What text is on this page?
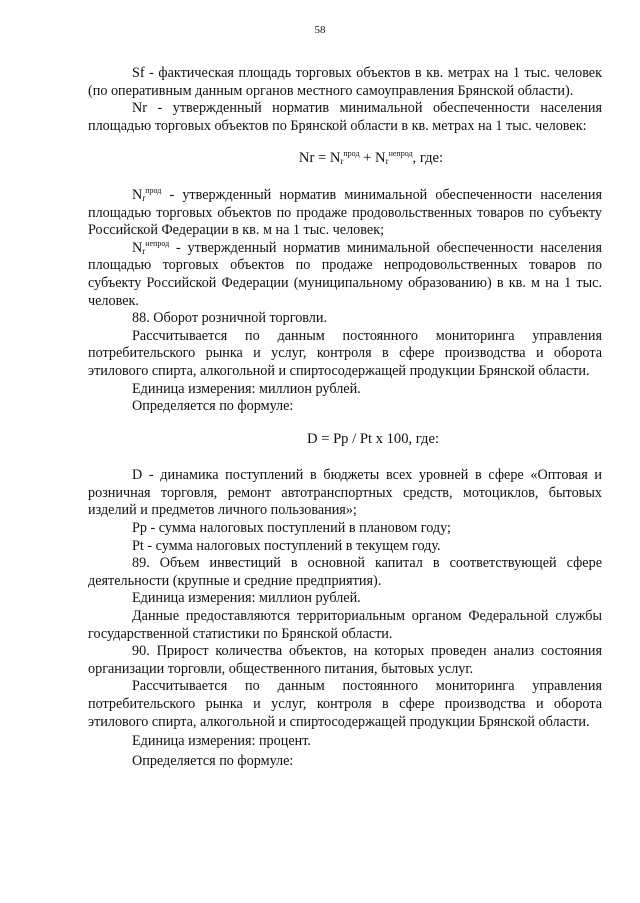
58

Sf - фактическая площадь торговых объектов в кв. метрах на 1 тыс. человек (по оперативным данным органов местного самоуправления Брянской области).

Nr - утвержденный норматив минимальной обеспеченности населения площадью торговых объектов по Брянской области в кв. метрах на 1 тыс. человек:

$Nr = N_r^{прод} + N_r^{непрод}$, где:

$N_r^{прод}$ - утвержденный норматив минимальной обеспеченности населения площадью торговых объектов по продаже продовольственных товаров по субъекту Российской Федерации в кв. м на 1 тыс. человек;

$N_r^{непрод}$ - утвержденный норматив минимальной обеспеченности населения площадью торговых объектов по продаже непродовольственных товаров по субъекту Российской Федерации (муниципальному образованию) в кв. м на 1 тыс. человек.

88. Оборот розничной торговли.

Рассчитывается по данным постоянного мониторинга управления потребительского рынка и услуг, контроля в сфере производства и оборота этилового спирта, алкогольной и спиртосодержащей продукции Брянской области.

Единица измерения: миллион рублей.

Определяется по формуле:

D = Pp / Pt x 100, где:

D - динамика поступлений в бюджеты всех уровней в сфере «Оптовая и розничная торговля, ремонт автотранспортных средств, мотоциклов, бытовых изделий и предметов личного пользования»;

Pp - сумма налоговых поступлений в плановом году;

Pt - сумма налоговых поступлений в текущем году.

89. Объем инвестиций в основной капитал в соответствующей сфере деятельности (крупные и средние предприятия).

Единица измерения: миллион рублей.

Данные предоставляются территориальным органом Федеральной службы государственной статистики по Брянской области.

90. Прирост количества объектов, на которых проведен анализ состояния организации торговли, общественного питания, бытовых услуг.

Рассчитывается по данным постоянного мониторинга управления потребительского рынка и услуг, контроля в сфере производства и оборота этилового спирта, алкогольной и спиртосодержащей продукции Брянской области.

Единица измерения: процент.

Определяется по формуле:
